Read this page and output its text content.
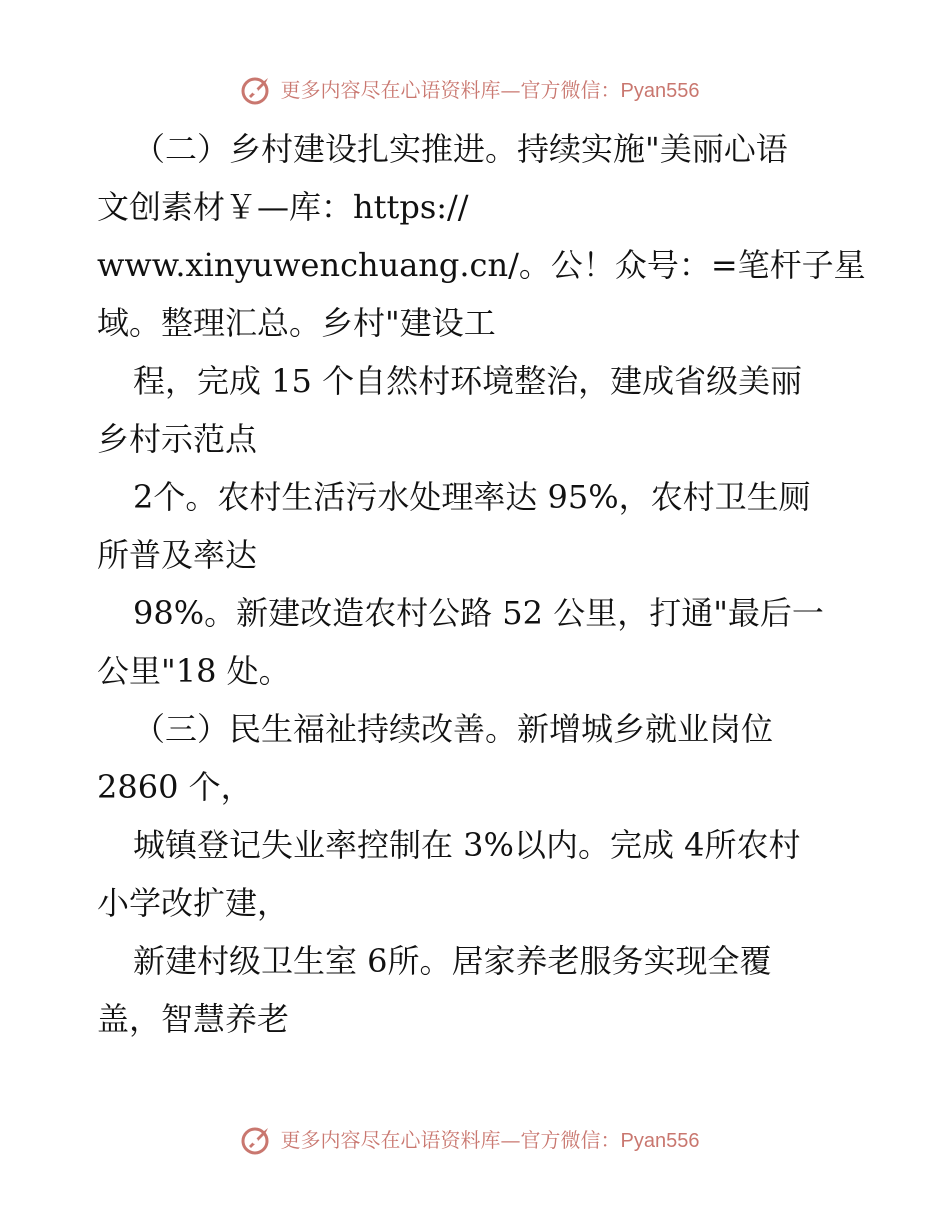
更多内容尽在心语资料库—官方微信：Pyan556
（二）乡村建设扎实推进。持续实施"美丽心语
文创素材￥—库：https://
www.xinyuwenchuang.cn/。公！众号：=笔杆子星
域。整理汇总。乡村"建设工
程，完成 15 个自然村环境整治，建成省级美丽
乡村示范点
2个。农村生活污水处理率达 95%，农村卫生厕
所普及率达
98%。新建改造农村公路 52 公里，打通"最后一
公里"18 处。
（三）民生福祉持续改善。新增城乡就业岗位
2860 个，
城镇登记失业率控制在 3%以内。完成 4所农村
小学改扩建，
新建村级卫生室 6所。居家养老服务实现全覆
盖，智慧养老
更多内容尽在心语资料库—官方微信：Pyan556
